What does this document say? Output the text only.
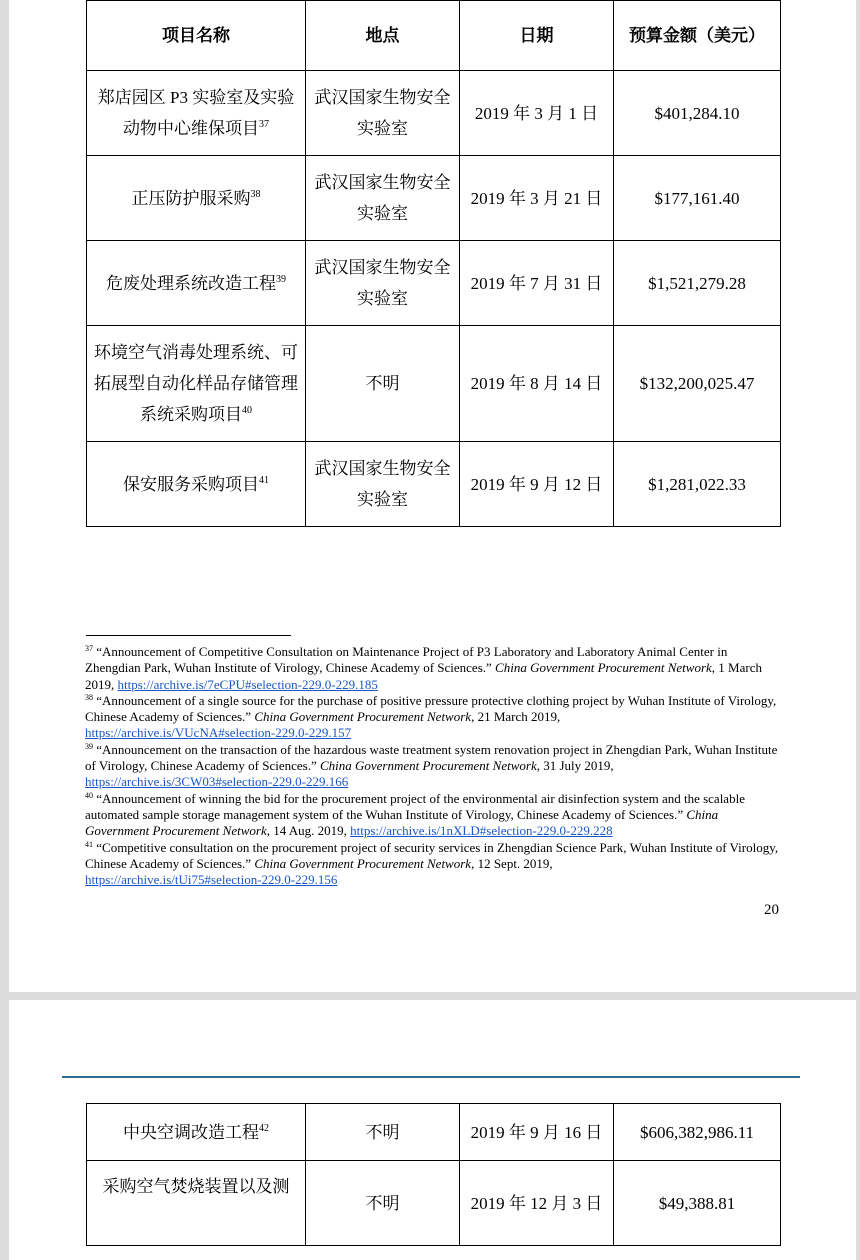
项目名称	地点	日期	预算金额（美元）
郑店园区 P3 实验室及实验动物中心维保项目$^{37}$	武汉国家生物安全实验室	2019 年 3 月 1 日	$401,284.10
正压防护服采购$^{38}$	武汉国家生物安全实验室	2019 年 3 月 21 日	$177,161.40
危废处理系统改造工程$^{39}$	武汉国家生物安全实验室	2019 年 7 月 31 日	$1,521,279.28
环境空气消毒处理系统、可拓展型自动化样品存储管理系统采购项目$^{40}$	不明	2019 年 8 月 14 日	$132,200,025.47
保安服务采购项目$^{41}$	武汉国家生物安全实验室	2019 年 9 月 12 日	$1,281,022.33
$^{37}$ “Announcement of Competitive Consultation on Maintenance Project of P3 Laboratory and Laboratory Animal Center in Zhengdian Park, Wuhan Institute of Virology, Chinese Academy of Sciences.” China Government Procurement Network, 1 March 2019, https://archive.is/7eCPU#selection-229.0-229.185
$^{38}$ “Announcement of a single source for the purchase of positive pressure protective clothing project by Wuhan Institute of Virology, Chinese Academy of Sciences.” China Government Procurement Network, 21 March 2019,
https://archive.is/VUcNA#selection-229.0-229.157
$^{39}$ “Announcement on the transaction of the hazardous waste treatment system renovation project in Zhengdian Park, Wuhan Institute of Virology, Chinese Academy of Sciences.” China Government Procurement Network, 31 July 2019,
https://archive.is/3CW03#selection-229.0-229.166
$^{40}$ “Announcement of winning the bid for the procurement project of the environmental air disinfection system and the scalable automated sample storage management system of the Wuhan Institute of Virology, Chinese Academy of Sciences.” China Government Procurement Network, 14 Aug. 2019, https://archive.is/1nXLD#selection-229.0-229.228
$^{41}$ “Competitive consultation on the procurement project of security services in Zhengdian Science Park, Wuhan Institute of Virology, Chinese Academy of Sciences.” China Government Procurement Network, 12 Sept. 2019,
https://archive.is/tUi75#selection-229.0-229.156
20
中央空调改造工程$^{42}$	不明	2019 年 9 月 16 日	$606,382,986.11
采购空气焚烧装置以及测	不明	2019 年 12 月 3 日	$49,388.81
